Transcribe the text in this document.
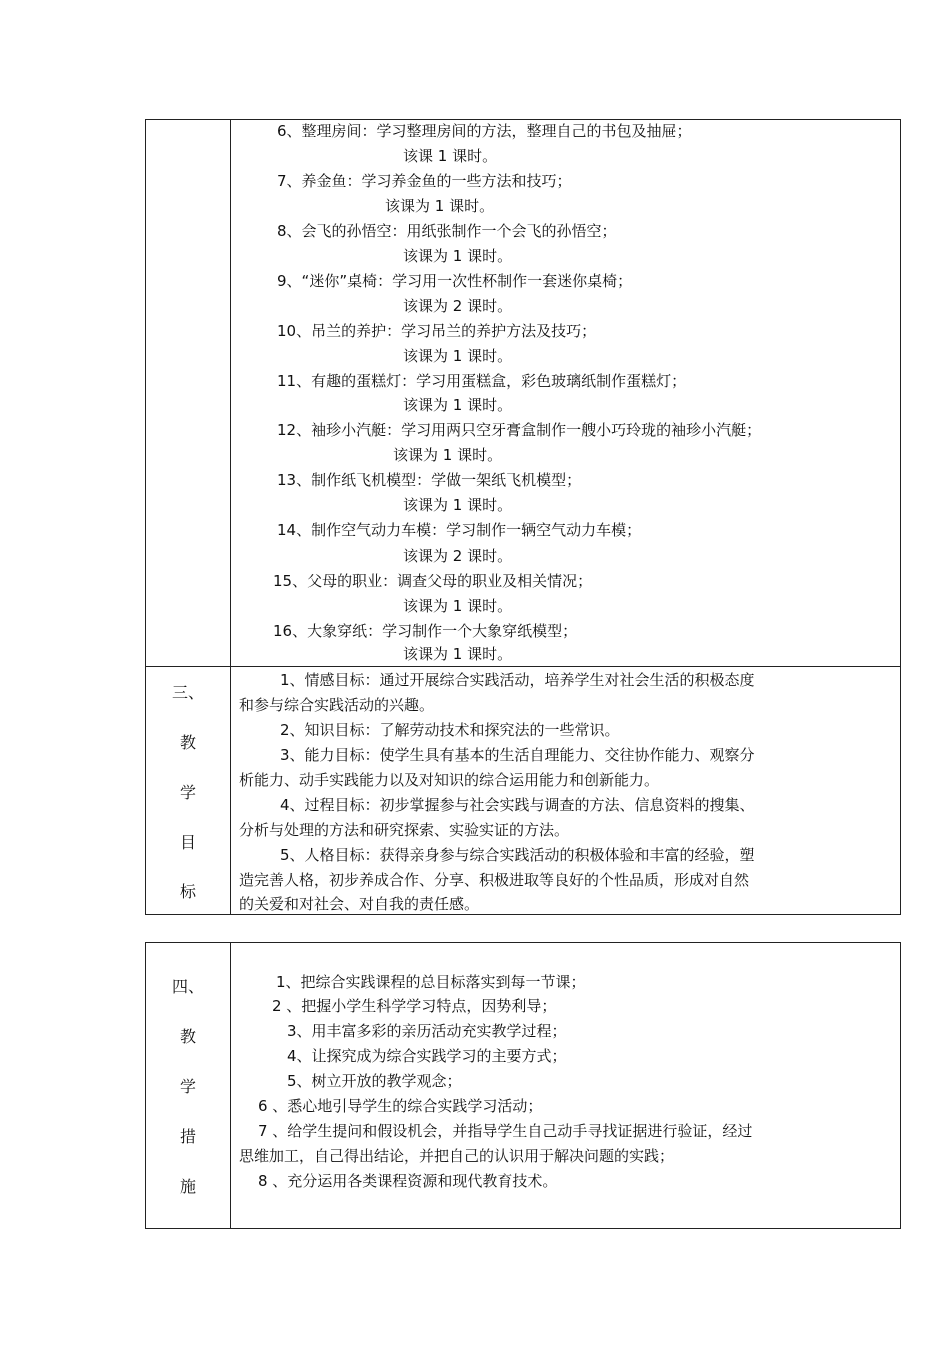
6、整理房间：学习整理房间的方法，整理自己的书包及抽屉；
该课 1 课时。
7、养金鱼：学习养金鱼的一些方法和技巧；
该课为 1 课时。
8、会飞的孙悟空：用纸张制作一个会飞的孙悟空；
该课为 1 课时。
9、“迷你”桌椅：学习用一次性杯制作一套迷你桌椅；
该课为 2 课时。
10、吊兰的养护：学习吊兰的养护方法及技巧；
该课为 1 课时。
11、有趣的蛋糕灯：学习用蛋糕盒，彩色玻璃纸制作蛋糕灯；
该课为 1 课时。
12、袖珍小汽艇：学习用两只空牙膏盒制作一艘小巧玲珑的袖珍小汽艇；
该课为 1 课时。
13、制作纸飞机模型：学做一架纸飞机模型；
该课为 1 课时。
14、制作空气动力车模：学习制作一辆空气动力车模；
该课为 2 课时。
15、父母的职业：调查父母的职业及相关情况；
该课为 1 课时。
16、大象穿纸：学习制作一个大象穿纸模型；
该课为 1 课时。
三、
教
学
目
标
1、情感目标：通过开展综合实践活动，培养学生对社会生活的积极态度
和参与综合实践活动的兴趣。
2、知识目标：了解劳动技术和探究法的一些常识。
3、能力目标：使学生具有基本的生活自理能力、交往协作能力、观察分
析能力、动手实践能力以及对知识的综合运用能力和创新能力。
4、过程目标：初步掌握参与社会实践与调查的方法、信息资料的搜集、
分析与处理的方法和研究探索、实验实证的方法。
5、人格目标：获得亲身参与综合实践活动的积极体验和丰富的经验，塑
造完善人格，初步养成合作、分享、积极进取等良好的个性品质，形成对自然
的关爱和对社会、对自我的责任感。
四、
教
学
措
施
1、把综合实践课程的总目标落实到每一节课；
2 、把握小学生科学学习特点，因势利导；
3、用丰富多彩的亲历活动充实教学过程；
4、让探究成为综合实践学习的主要方式；
5、树立开放的教学观念；
6 、悉心地引导学生的综合实践学习活动；
7 、给学生提问和假设机会，并指导学生自己动手寻找证据进行验证，经过
思维加工，自己得出结论，并把自己的认识用于解决问题的实践；
8 、充分运用各类课程资源和现代教育技术。
